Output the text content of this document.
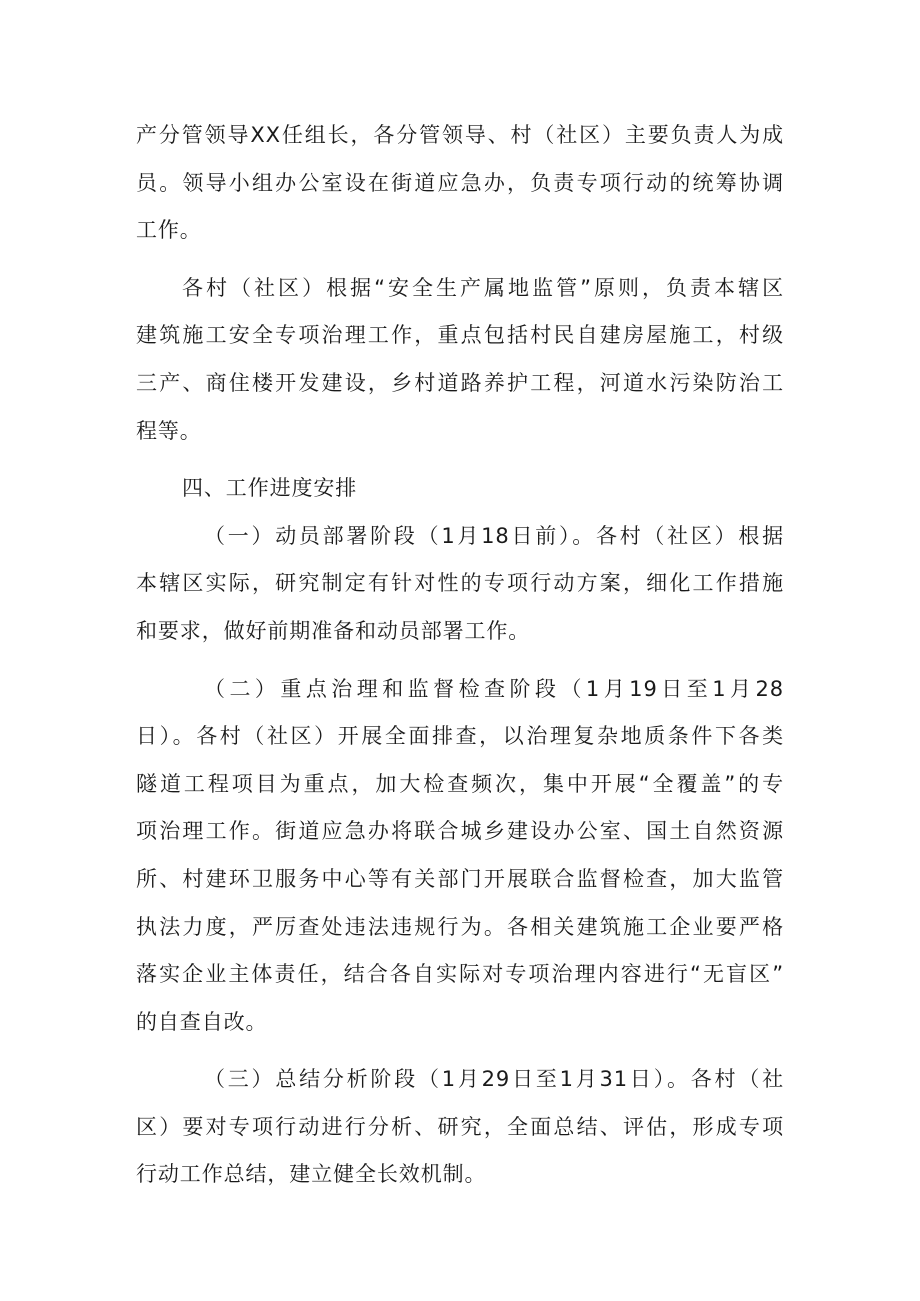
产分管领导XX任组长，各分管领导、村（社区）主要负责人为成
员。领导小组办公室设在街道应急办，负责专项行动的统筹协调
工作。
各村（社区）根据“安全生产属地监管”原则，负责本辖区
建筑施工安全专项治理工作，重点包括村民自建房屋施工，村级
三产、商住楼开发建设，乡村道路养护工程，河道水污染防治工
程等。
四、工作进度安排
（一）动员部署阶段（1月18日前）。各村（社区）根据
本辖区实际，研究制定有针对性的专项行动方案，细化工作措施
和要求，做好前期准备和动员部署工作。
（二）重点治理和监督检查阶段（1月19日至1月28
日）。各村（社区）开展全面排查，以治理复杂地质条件下各类
隧道工程项目为重点，加大检查频次，集中开展“全覆盖”的专
项治理工作。街道应急办将联合城乡建设办公室、国土自然资源
所、村建环卫服务中心等有关部门开展联合监督检查，加大监管
执法力度，严厉查处违法违规行为。各相关建筑施工企业要严格
落实企业主体责任，结合各自实际对专项治理内容进行“无盲区”
的自查自改。
（三）总结分析阶段（1月29日至1月31日）。各村（社
区）要对专项行动进行分析、研究，全面总结、评估，形成专项
行动工作总结，建立健全长效机制。
